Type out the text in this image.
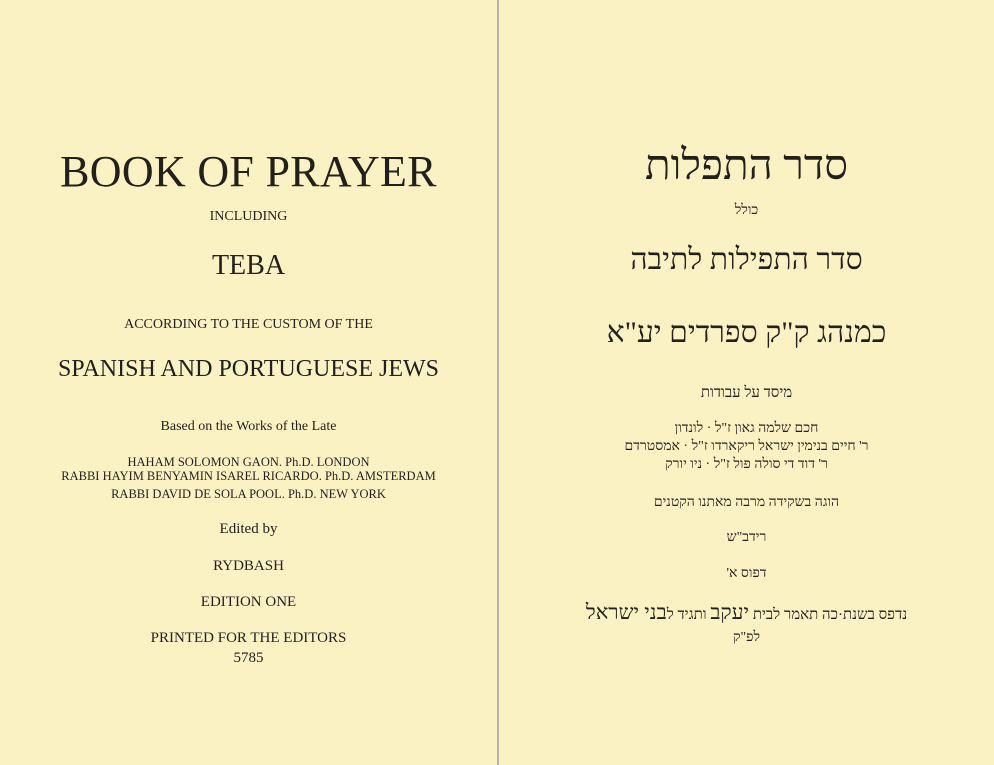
BOOK OF PRAYER
INCLUDING
TEBA
ACCORDING TO THE CUSTOM OF THE
SPANISH AND PORTUGUESE JEWS
Based on the Works of the Late
HAHAM SOLOMON GAON. Ph.D. LONDON
RABBI HAYIM BENYAMIN ISAREL RICARDO. Ph.D. AMSTERDAM
RABBI DAVID DE SOLA POOL. Ph.D. NEW YORK
Edited by
RYDBASH
EDITION ONE
PRINTED FOR THE EDITORS
5785
סדר התפלות
כולל
סדר התפילות לתיבה
כמנהג ק"ק ספרדים יע"א
מיסד על עבודות
חכם שלמה גאון ז"ל · לונדון
ר' חיים בנימין ישראל ריקארדו ז"ל · אמסטרדם
ר' דוד די סולה פול ז"ל · ניו יורק
הוגה בשקידה מרבה מאתנו הקטנים
רידב"ש
דפוס א'
נדפס בשנת·כה תאמר לבית יעקב ותגיד לבני ישראל
לפ"ק
